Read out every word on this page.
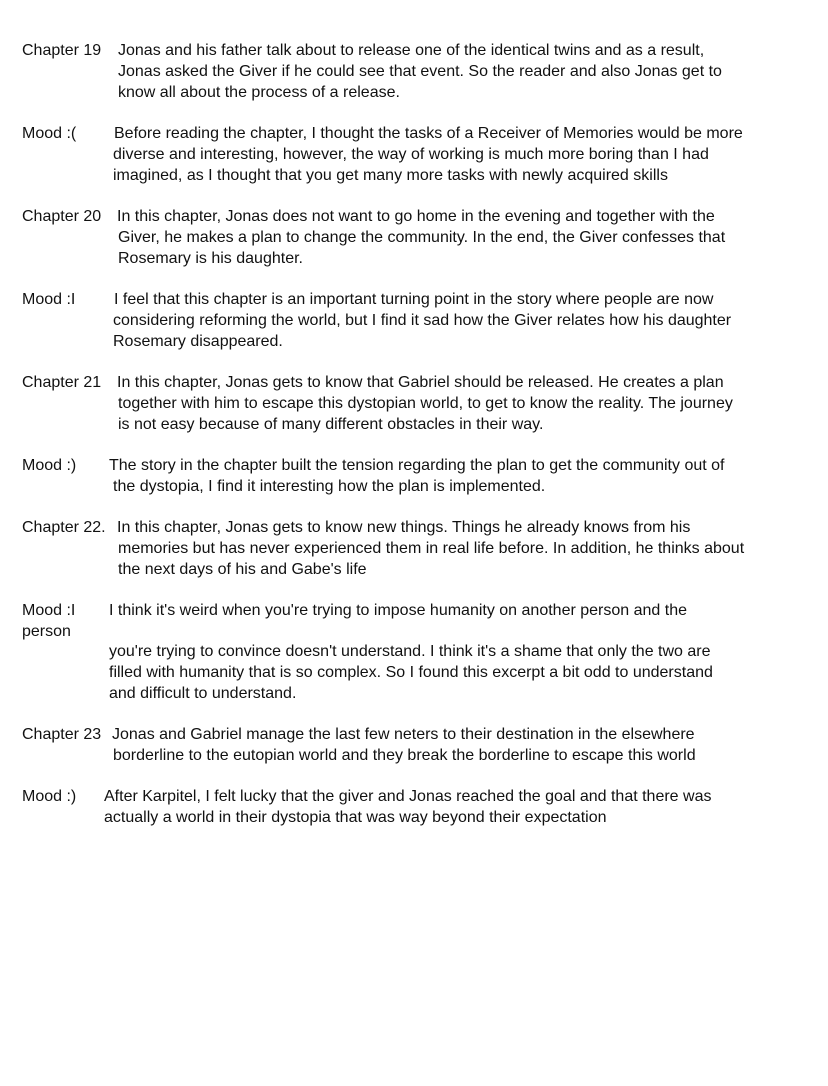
Chapter 19 Jonas and his father talk about to release one of the identical twins and as a result,

Jonas asked the Giver if he could see that event. So the reader and also Jonas get to

know all about the process of a release.

Mood :( Before reading the chapter, I thought the tasks of a Receiver of Memories would be more

diverse and interesting, however, the way of working is much more boring than I had

imagined, as I thought that you get many more tasks with newly acquired skills

Chapter 20 In this chapter, Jonas does not want to go home in the evening and together with the

Giver, he makes a plan to change the community. In the end, the Giver confesses that

Rosemary is his daughter.

Mood :I I feel that this chapter is an important turning point in the story where people are now

considering reforming the world, but I find it sad how the Giver relates how his daughter

Rosemary disappeared.

Chapter 21 In this chapter, Jonas gets to know that Gabriel should be released. He creates a plan

together with him to escape this dystopian world, to get to know the reality. The journey

is not easy because of many different obstacles in their way.

Mood :) The story in the chapter built the tension regarding the plan to get the community out of

the dystopia, I find it interesting how the plan is implemented.

Chapter 22. In this chapter, Jonas gets to know new things. Things he already knows from his

memories but has never experienced them in real life before. In addition, he thinks about

the next days of his and Gabe's life

Mood :I I think it's weird when you're trying to impose humanity on another person and the

person

you're trying to convince doesn't understand. I think it's a shame that only the two are

filled with humanity that is so complex. So I found this excerpt a bit odd to understand

and difficult to understand.

Chapter 23 Jonas and Gabriel manage the last few neters to their destination in the elsewhere

borderline to the eutopian world and they break the borderline to escape this world

Mood :) After Karpitel, I felt lucky that the giver and Jonas reached the goal and that there was

actually a world in their dystopia that was way beyond their expectation
